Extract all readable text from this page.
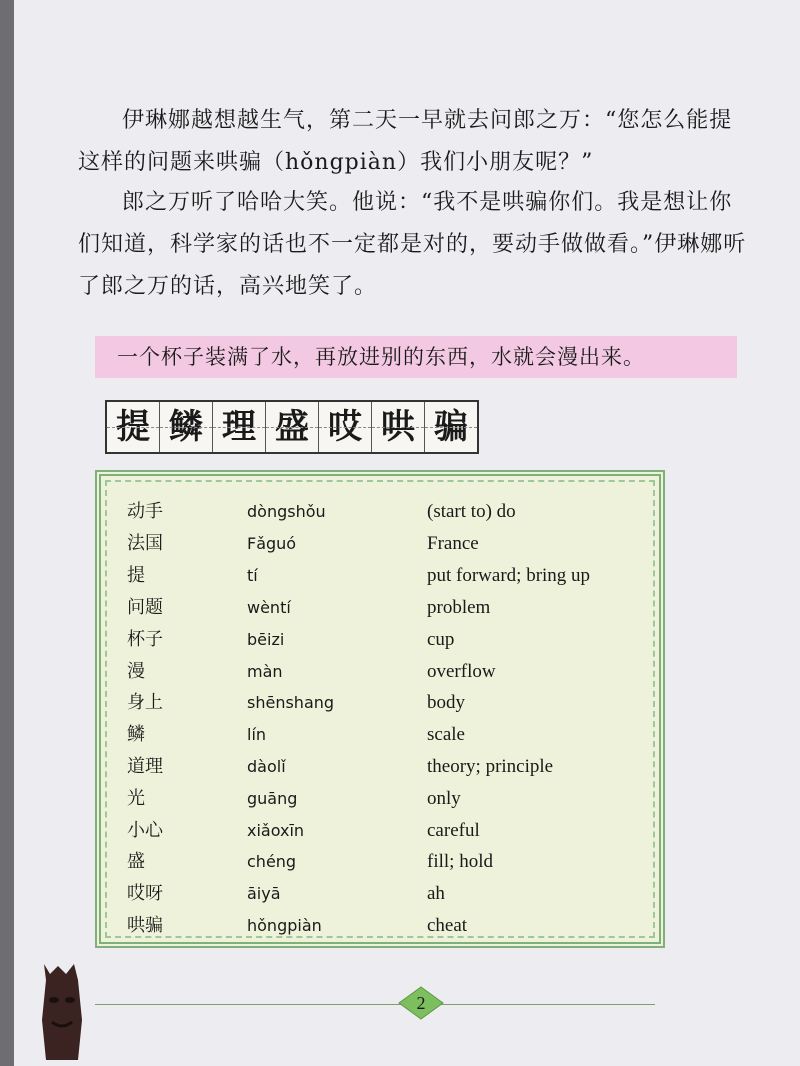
伊琳娜越想越生气，第二天一早就去问郎之万：“您怎么能提这样的问题来哄骗（hǒngpiàn）我们小朋友呢？”

郎之万听了哈哈大笑。他说：“我不是哄骗你们。我是想让你们知道，科学家的话也不一定都是对的，要动手做做看。”伊琳娜听了郎之万的话，高兴地笑了。

一个杯子装满了水，再放进别的东西，水就会漫出来。
提 鳞 理 盛 哎 哄 骗
动手	dòngshǒu	(start to) do
法国	Fǎguó	France
提	tí	put forward; bring up
问题	wèntí	problem
杯子	bēizi	cup
漫	màn	overflow
身上	shēnshang	body
鳞	lín	scale
道理	dàolǐ	theory; principle
光	guāng	only
小心	xiǎoxīn	careful
盛	chéng	fill; hold
哎呀	āiyā	ah
哄骗	hǒngpiàn	cheat
2
